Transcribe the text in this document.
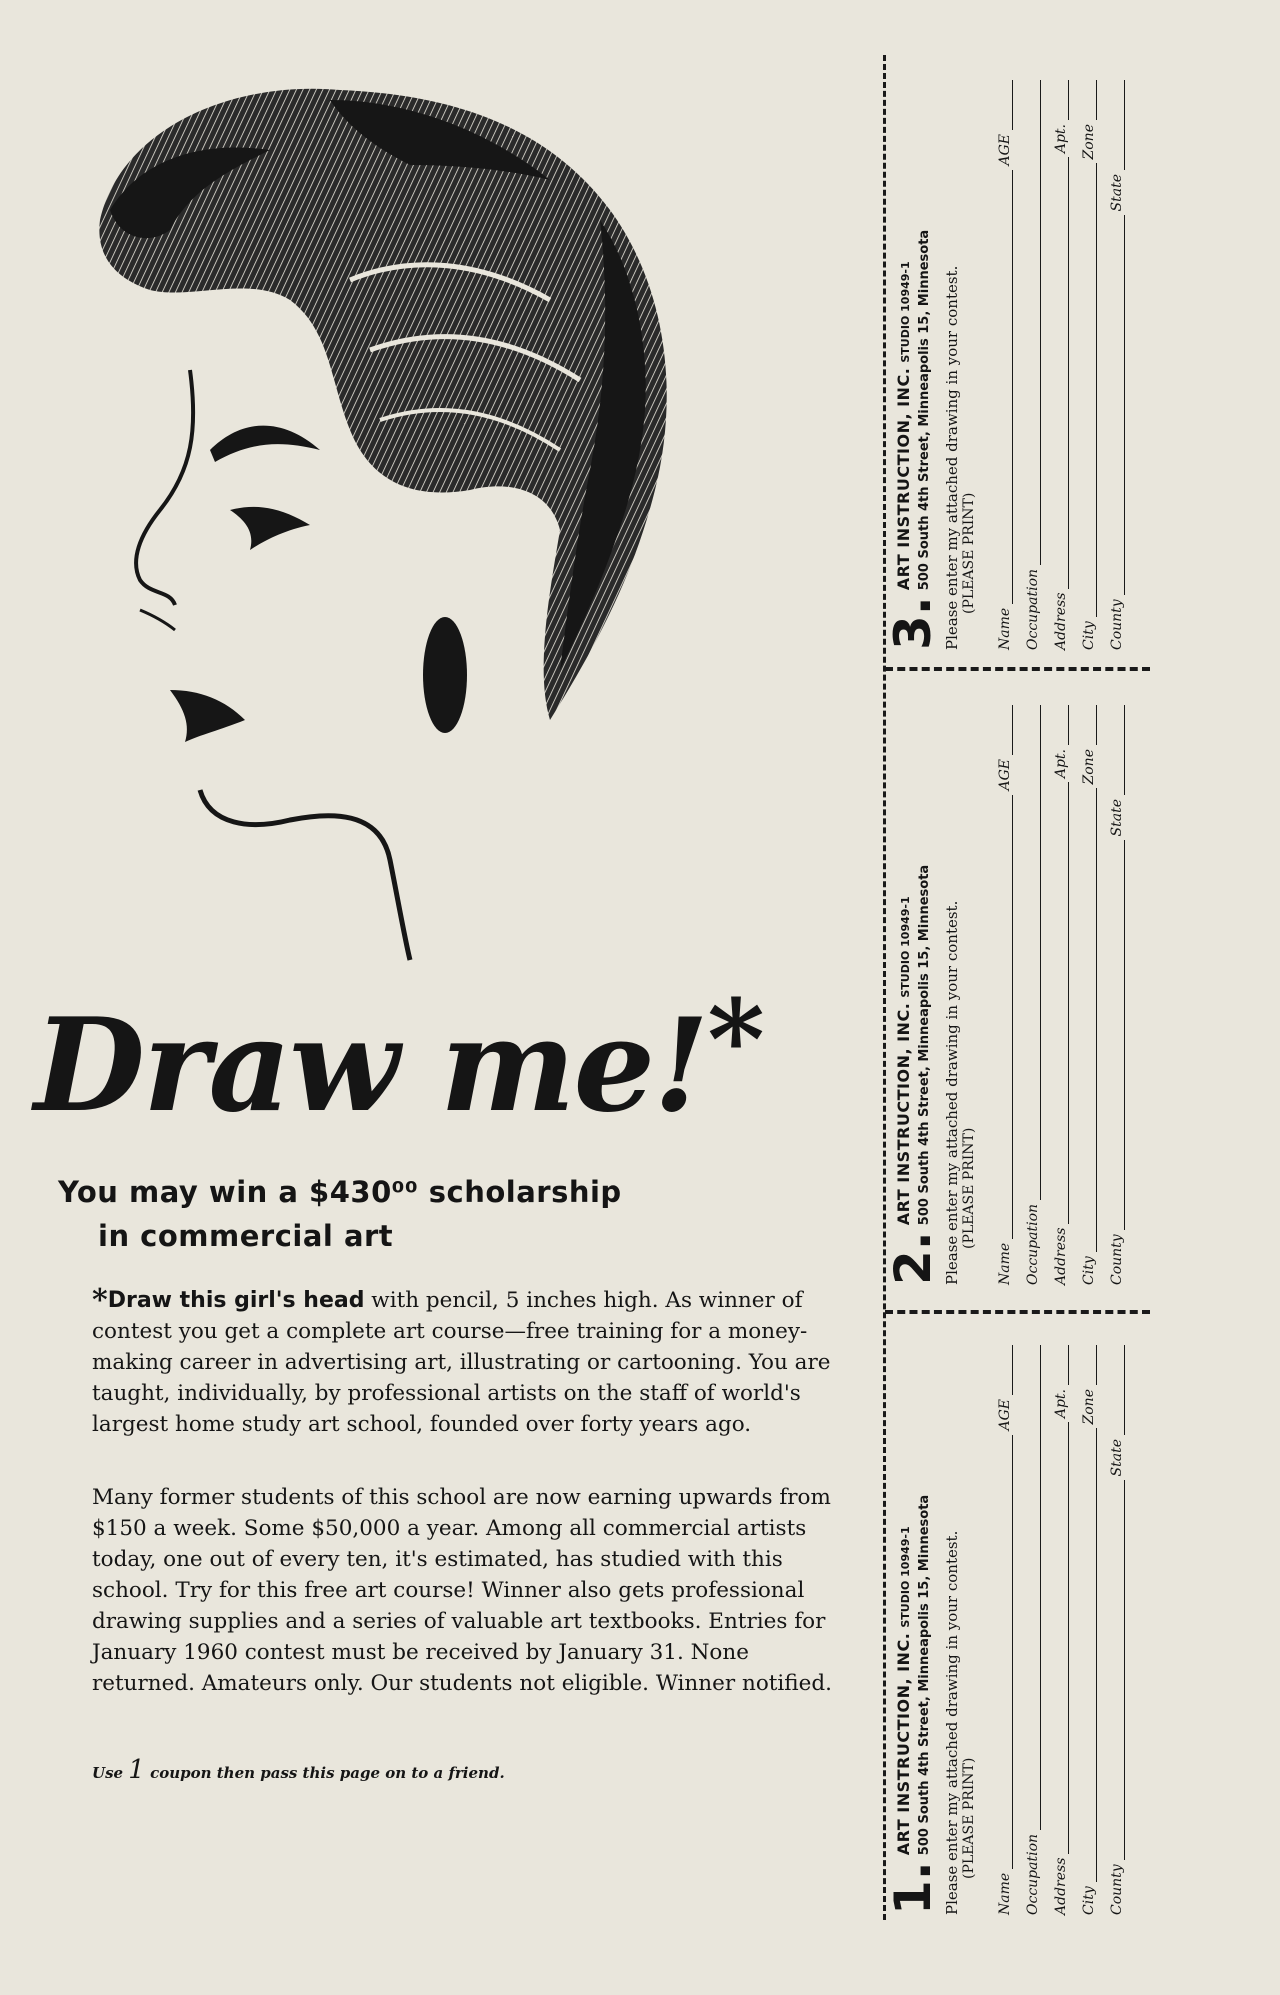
Draw me!*
You may win a $430⁰⁰ scholarship
in commercial art
*Draw this girl's head with pencil, 5 inches high. As winner of contest you get a complete art course—free training for a money-making career in advertising art, illustrating or cartooning. You are taught, individually, by professional artists on the staff of world's largest home study art school, founded over forty years ago.
Many former students of this school are now earning upwards from $150 a week. Some $50,000 a year. Among all commercial artists today, one out of every ten, it's estimated, has studied with this school. Try for this free art course! Winner also gets professional drawing supplies and a series of valuable art textbooks. Entries for January 1960 contest must be received by January 31. None returned. Amateurs only. Our students not eligible. Winner notified.
Use 1 coupon then pass this page on to a friend.
3.
ART INSTRUCTION, INC. STUDIO 10949-1 500 South 4th Street, Minneapolis 15, Minnesota Please enter my attached drawing in your contest. (PLEASE PRINT)
Name
AGE
Occupation Address
Apt.
City
Zone
County
State
2.
ART INSTRUCTION, INC. STUDIO 10949-1 500 South 4th Street, Minneapolis 15, Minnesota Please enter my attached drawing in your contest. (PLEASE PRINT)
Name
AGE
Occupation Address
Apt.
City
Zone
County
State
1.
ART INSTRUCTION, INC. STUDIO 10949-1 500 South 4th Street, Minneapolis 15, Minnesota Please enter my attached drawing in your contest. (PLEASE PRINT)
Name
AGE
Occupation Address
Apt.
City
Zone
County
State
